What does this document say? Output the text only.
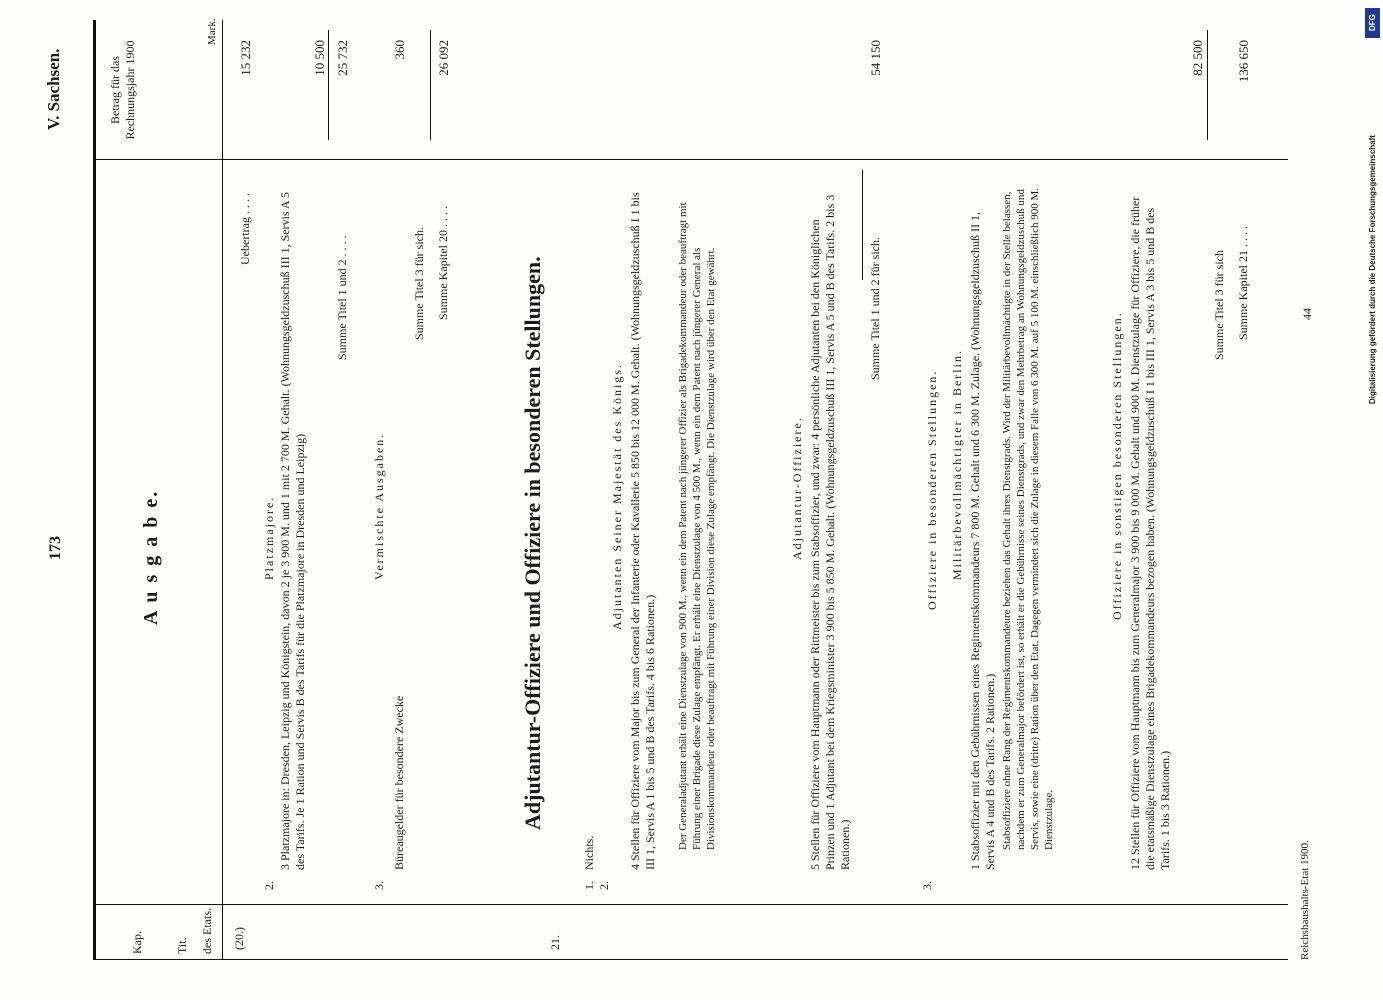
173
V. Sachsen.
Kap.	Tit. des Etats.
Betrag für das Rechnungsjahr 1900
Mark.
A u s g a b e.
(20.)
2.
Platzmajore.
Uebertrag . . . .
15 232
3 Platzmajore in: Dresden, Leipzig und Königstein, davon 2 je 3 900 M. und 1 mit 2 700 M. Gehalt. (Wohnungsgeldzuschuß III 1, Servis A 5 des Tarifs. Je 1 Ration und Servis B des Tarifs für die Platzmajore in Dresden und Leipzig)
10 500
Summe Titel 1 und 2 . . . .
25 732
3.
Vermischte Ausgaben.
Büreaugelder für besondere Zwecke
360
Summe Titel 3 für sich. Summe Kapitel 20 . . . .
26 092
Adjutantur-Offiziere und Offiziere in besonderen Stellungen.
21.
1. 2.
Nichts.
Adjutanten Seiner Majestät des Königs. 4 Stellen für Offiziere vom Major bis zum General der Infanterie oder Kavallerie 5 850 bis 12 000 M. Gehalt. (Wohnungsgeldzuschuß I 1 bis III 1, Servis A 1 bis 5 und B des Tarifs. 4 bis 6 Rationen.) Der Generaladjutant erhält eine Dienstzulage von 900 M., wenn ein dem Patent nach jüngerer Offizier als Brigadekommandeur oder beauftragt mit Führung einer Brigade diese Zulage empfängt. Er erhält eine Dienstzulage von 4 500 M., wenn ein dem Patent nach jüngerer General als Divisionskommandeur oder beauftragt mit Führung einer Division diese Zulage empfängt. Die Dienstzulage wird über den Etat gewährt.	Adjutantur-Offiziere. 5 Stellen für Offiziere vom Hauptmann oder Rittmeister bis zum Stabsoffizier, und zwar: 4 persönliche Adjutanten bei den Königlichen Prinzen und 1 Adjutant bei dem Kriegsminister 3 900 bis 5 850 M. Gehalt. (Wohnungsgeldzuschuß III 1, Servis A 5 und B des Tarifs. 2 bis 3 Rationen.)
54 150
Summe Titel 1 und 2 für sich.
3.
Offiziere in besonderen Stellungen. Militärbevollmächtigter in Berlin. 1 Stabsoffizier mit den Gebührnissen eines Regimentskommandeurs 7 800 M. Gehalt und 6 300 M. Zulage. (Wohnungsgeldzuschuß II 1, Servis A 4 und B des Tarifs. 2 Rationen.) Stabsoffiziere ohne Rang der Regimentskommandeure beziehen das Gehalt ihres Dienstgrads. Wird der Militärbevollmächtigte in der Stelle belassen, nachdem er zum Generalmajor befördert ist, so erhält er die Gebührnisse seines Dienstgrads, und zwar den Mehrbetrag an Wohnungsgeldzuschuß und Servis, sowie eine (dritte) Ration über den Etat. Dagegen vermindert sich die Zulage in diesem Falle von 6 300 M. auf 5 100 M. einschließlich 900 M. Dienstzulage.
Offiziere in sonstigen besonderen Stellungen. 12 Stellen für Offiziere vom Hauptmann bis zum Generalmajor 3 900 bis 9 000 M. Gehalt und 900 M. Dienstzulage für Offiziere, die früher die etatsmäßige Dienstzulage eines Brigadekommandeurs bezogen haben. (Wohnungsgeldzuschuß I 1 bis III 1, Servis A 3 bis 5 und B des Tarifs. 1 bis 3 Rationen.)
82 500
Summe Titel 3 für sich Summe Kapitel 21 . . . .
136 650
Reichshaushalts-Etat 1900.
44
DFG
Digitalisierung gefördert durch die Deutsche Forschungsgemeinschaft
